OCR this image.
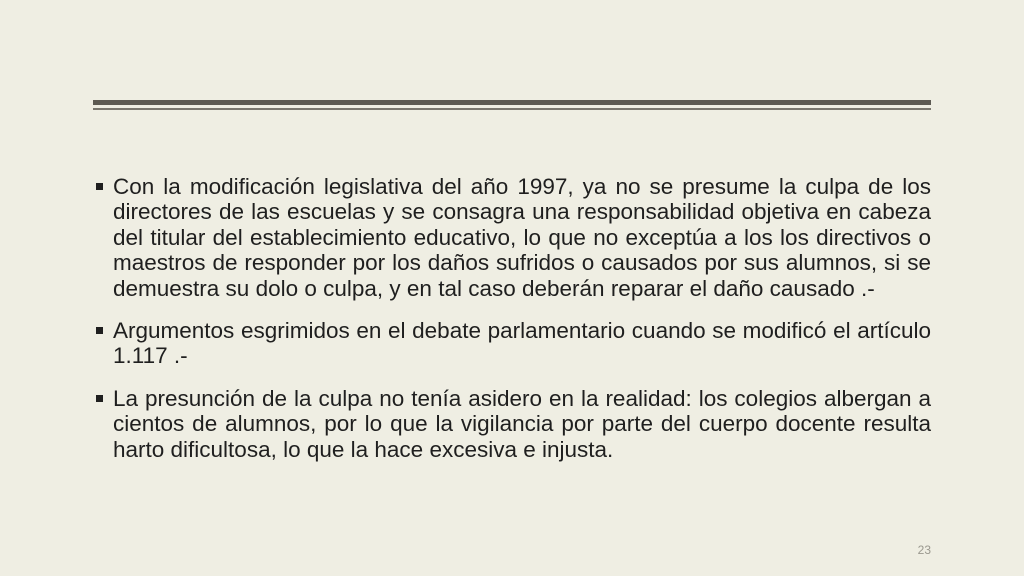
Con la modificación legislativa del año 1997, ya no se presume la culpa de los directores de las escuelas y se consagra una responsabilidad objetiva en cabeza del titular del establecimiento educativo, lo que no exceptúa a los los directivos o maestros de responder por los daños sufridos o causados por sus alumnos, si se demuestra su dolo o culpa, y en tal caso deberán reparar el daño causado .-
Argumentos esgrimidos en el debate parlamentario cuando se modificó el artículo 1.117 .-
La presunción de la culpa no tenía asidero en la realidad: los colegios albergan a cientos de alumnos, por lo que la vigilancia por parte del cuerpo docente resulta harto dificultosa, lo que la hace excesiva e injusta.
23
